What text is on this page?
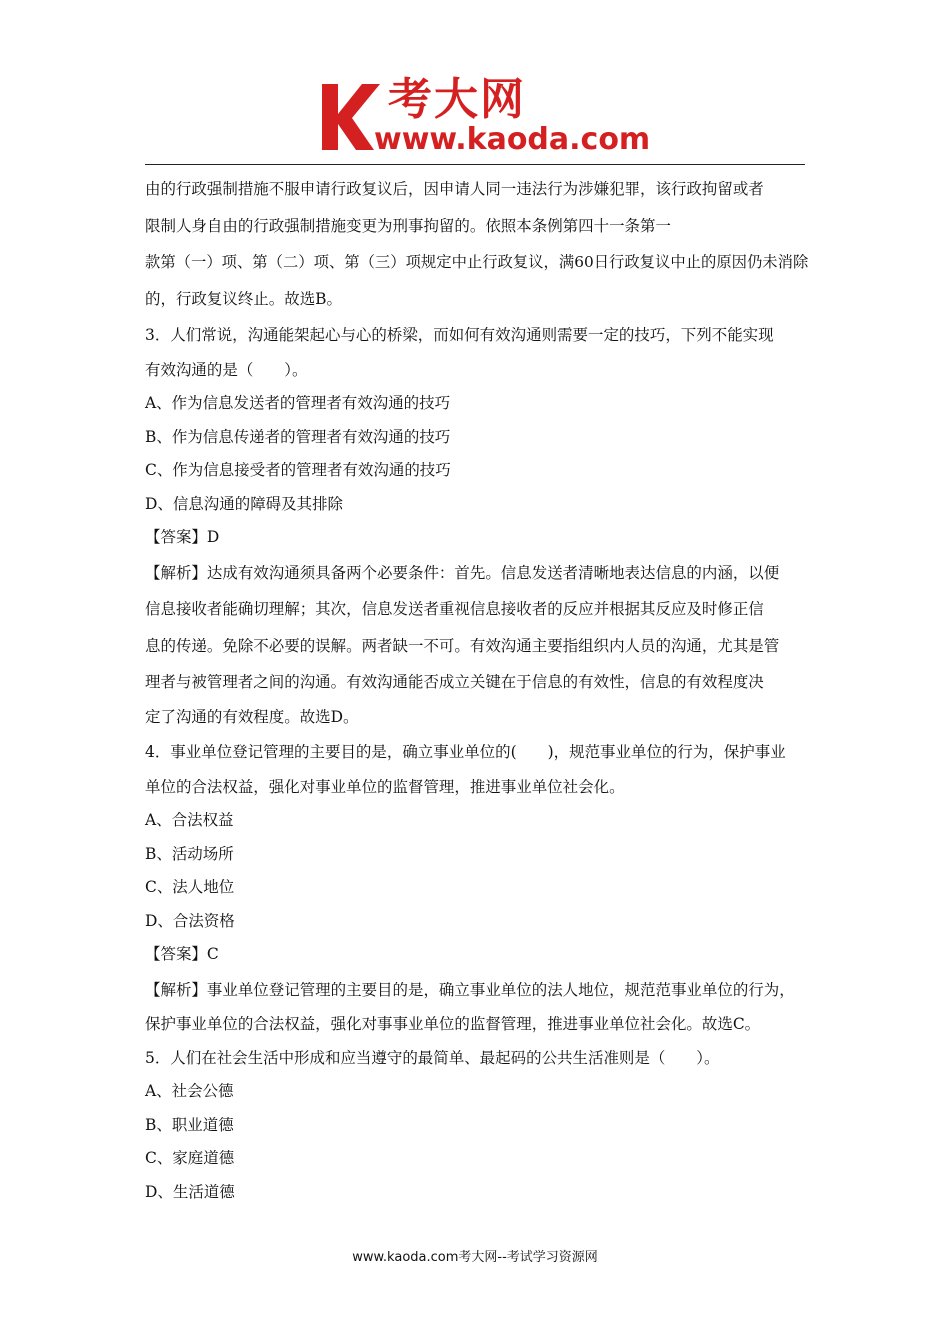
考大网
www.kaoda.com
由的行政强制措施不服申请行政复议后，因申请人同一违法行为涉嫌犯罪，该行政拘留或者
限制人身自由的行政强制措施变更为刑事拘留的。依照本条例第四十一条第一
款第（一）项、第（二）项、第（三）项规定中止行政复议，满60日行政复议中止的原因仍未消除
的，行政复议终止。故选B。
3．人们常说，沟通能架起心与心的桥梁，而如何有效沟通则需要一定的技巧，下列不能实现
有效沟通的是（　　）。
A、作为信息发送者的管理者有效沟通的技巧
B、作为信息传递者的管理者有效沟通的技巧
C、作为信息接受者的管理者有效沟通的技巧
D、信息沟通的障碍及其排除
【答案】D
【解析】达成有效沟通须具备两个必要条件：首先。信息发送者清晰地表达信息的内涵，以便
信息接收者能确切理解；其次，信息发送者重视信息接收者的反应并根据其反应及时修正信
息的传递。免除不必要的误解。两者缺一不可。有效沟通主要指组织内人员的沟通，尤其是管
理者与被管理者之间的沟通。有效沟通能否成立关键在于信息的有效性，信息的有效程度决
定了沟通的有效程度。故选D。
4．事业单位登记管理的主要目的是，确立事业单位的(　　)，规范事业单位的行为，保护事业
单位的合法权益，强化对事业单位的监督管理，推进事业单位社会化。
A、合法权益
B、活动场所
C、法人地位
D、合法资格
【答案】C
【解析】事业单位登记管理的主要目的是，确立事业单位的法人地位，规范范事业单位的行为，
保护事业单位的合法权益，强化对事事业单位的监督管理，推进事业单位社会化。故选C。
5．人们在社会生活中形成和应当遵守的最简单、最起码的公共生活准则是（　　）。
A、社会公德
B、职业道德
C、家庭道德
D、生活道德
www.kaoda.com考大网--考试学习资源网
